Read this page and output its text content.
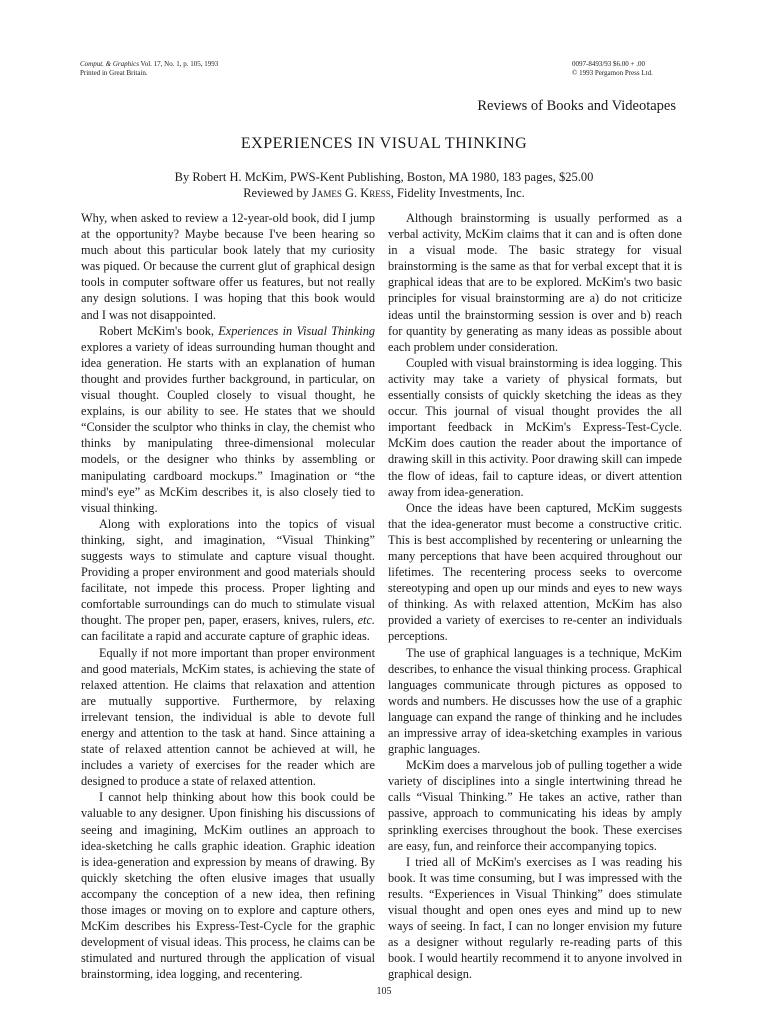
Comput. & Graphics Vol. 17, No. 1, p. 105, 1993
Printed in Great Britain.
0097-8493/93 $6.00 + .00
© 1993 Pergamon Press Ltd.
Reviews of Books and Videotapes
EXPERIENCES IN VISUAL THINKING
By Robert H. McKim, PWS-Kent Publishing, Boston, MA 1980, 183 pages, $25.00
Reviewed by James G. Kress, Fidelity Investments, Inc.

Why, when asked to review a 12-year-old book, did I jump at the opportunity? Maybe because I've been hearing so much about this particular book lately that my curiosity was piqued. Or because the current glut of graphical design tools in computer software offer us features, but not really any design solutions. I was hoping that this book would and I was not disappointed.

Robert McKim's book, Experiences in Visual Thinking explores a variety of ideas surrounding human thought and idea generation. He starts with an explanation of human thought and provides further background, in particular, on visual thought. Coupled closely to visual thought, he explains, is our ability to see. He states that we should “Consider the sculptor who thinks in clay, the chemist who thinks by manipulating three-dimensional molecular models, or the designer who thinks by assembling or manipulating cardboard mockups.” Imagination or “the mind's eye” as McKim describes it, is also closely tied to visual thinking.

Along with explorations into the topics of visual thinking, sight, and imagination, “Visual Thinking” suggests ways to stimulate and capture visual thought. Providing a proper environment and good materials should facilitate, not impede this process. Proper lighting and comfortable surroundings can do much to stimulate visual thought. The proper pen, paper, erasers, knives, rulers, etc. can facilitate a rapid and accurate capture of graphic ideas.

Equally if not more important than proper environment and good materials, McKim states, is achieving the state of relaxed attention. He claims that relaxation and attention are mutually supportive. Furthermore, by relaxing irrelevant tension, the individual is able to devote full energy and attention to the task at hand. Since attaining a state of relaxed attention cannot be achieved at will, he includes a variety of exercises for the reader which are designed to produce a state of relaxed attention.

I cannot help thinking about how this book could be valuable to any designer. Upon finishing his discussions of seeing and imagining, McKim outlines an approach to idea-sketching he calls graphic ideation. Graphic ideation is idea-generation and expression by means of drawing. By quickly sketching the often elusive images that usually accompany the conception of a new idea, then refining those images or moving on to explore and capture others, McKim describes his Express-Test-Cycle for the graphic development of visual ideas. This process, he claims can be stimulated and nurtured through the application of visual brainstorming, idea logging, and recentering.

Although brainstorming is usually performed as a verbal activity, McKim claims that it can and is often done in a visual mode. The basic strategy for visual brainstorming is the same as that for verbal except that it is graphical ideas that are to be explored. McKim's two basic principles for visual brainstorming are a) do not criticize ideas until the brainstorming session is over and b) reach for quantity by generating as many ideas as possible about each problem under consideration.

Coupled with visual brainstorming is idea logging. This activity may take a variety of physical formats, but essentially consists of quickly sketching the ideas as they occur. This journal of visual thought provides the all important feedback in McKim's Express-Test-Cycle. McKim does caution the reader about the importance of drawing skill in this activity. Poor drawing skill can impede the flow of ideas, fail to capture ideas, or divert attention away from idea-generation.

Once the ideas have been captured, McKim suggests that the idea-generator must become a constructive critic. This is best accomplished by recentering or unlearning the many perceptions that have been acquired throughout our lifetimes. The recentering process seeks to overcome stereotyping and open up our minds and eyes to new ways of thinking. As with relaxed attention, McKim has also provided a variety of exercises to re-center an individuals perceptions.

The use of graphical languages is a technique, McKim describes, to enhance the visual thinking process. Graphical languages communicate through pictures as opposed to words and numbers. He discusses how the use of a graphic language can expand the range of thinking and he includes an impressive array of idea-sketching examples in various graphic languages.

McKim does a marvelous job of pulling together a wide variety of disciplines into a single intertwining thread he calls “Visual Thinking.” He takes an active, rather than passive, approach to communicating his ideas by amply sprinkling exercises throughout the book. These exercises are easy, fun, and reinforce their accompanying topics.

I tried all of McKim's exercises as I was reading his book. It was time consuming, but I was impressed with the results. “Experiences in Visual Thinking” does stimulate visual thought and open ones eyes and mind up to new ways of seeing. In fact, I can no longer envision my future as a designer without regularly re-reading parts of this book. I would heartily recommend it to anyone involved in graphical design.

105
